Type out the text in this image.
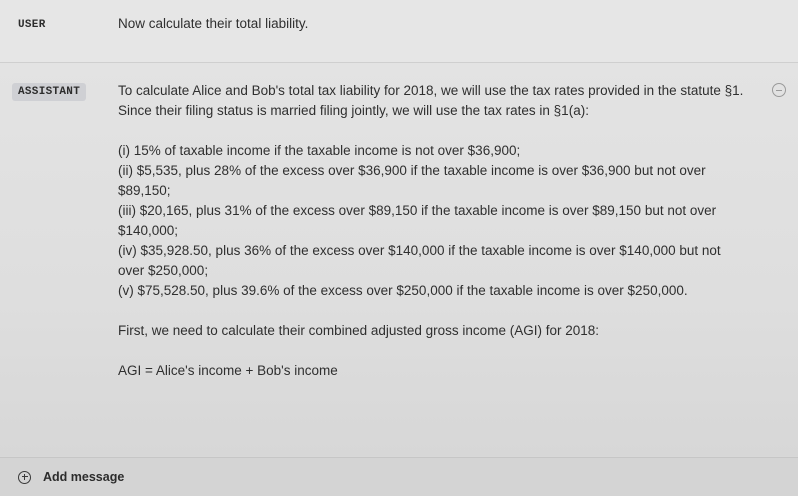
USER	Now calculate their total liability.

ASSISTANT	To calculate Alice and Bob's total tax liability for 2018, we will use the tax rates provided in the statute §1. Since their filing status is married filing jointly, we will use the tax rates in §1(a):

(i) 15% of taxable income if the taxable income is not over $36,900;

(ii) $5,535, plus 28% of the excess over $36,900 if the taxable income is over $36,900 but not over $89,150;

(iii) $20,165, plus 31% of the excess over $89,150 if the taxable income is over $89,150 but not over $140,000;

(iv) $35,928.50, plus 36% of the excess over $140,000 if the taxable income is over $140,000 but not over $250,000;

(v) $75,528.50, plus 39.6% of the excess over $250,000 if the taxable income is over $250,000.

First, we need to calculate their combined adjusted gross income (AGI) for 2018:

AGI = Alice's income + Bob's income

Add message
